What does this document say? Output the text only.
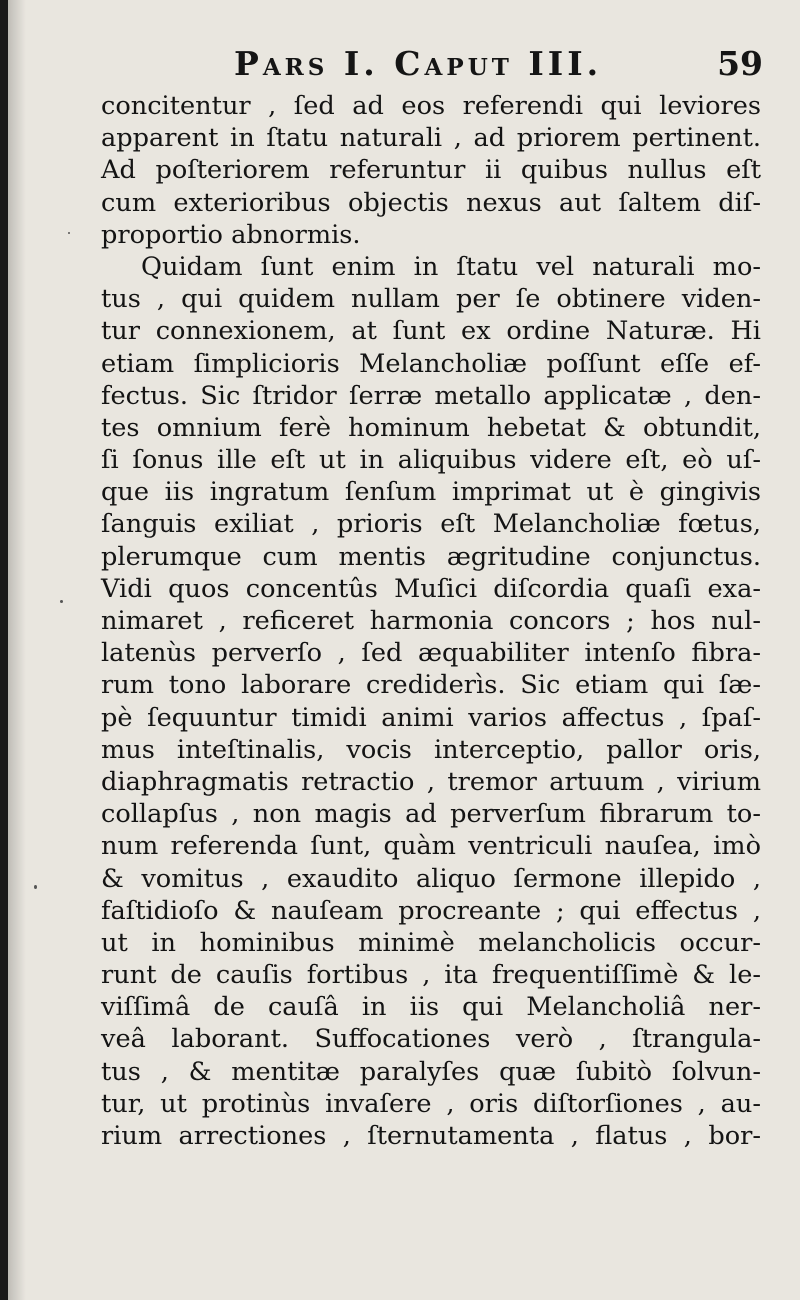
Pars I. Caput III.	59
concitentur , ſed ad eos referendi qui leviores
apparent in ſtatu naturali , ad priorem pertinent.
Ad poſteriorem referuntur ii quibus nullus eſt
cum exterioribus objectis nexus aut ſaltem diſ-
proportio abnormis.
Quidam ſunt enim in ſtatu vel naturali mo-
tus , qui quidem nullam per ſe obtinere viden-
tur connexionem, at ſunt ex ordine Naturæ. Hi
etiam ſimplicioris Melancholiæ poſſunt eſſe ef-
fectus. Sic ſtridor ſerræ metallo applicatæ , den-
tes omnium ferè hominum hebetat & obtundit,
ſi ſonus ille eſt ut in aliquibus videre eſt, eò uſ-
que iis ingratum ſenſum imprimat ut è gingivis
ſanguis exiliat , prioris eſt Melancholiæ fœtus,
plerumque cum mentis ægritudine conjunctus.
Vidi quos concentûs Muſici diſcordia quaſi exa-
nimaret , reficeret harmonia concors ; hos nul-
latenùs perverſo , ſed æquabiliter intenſo fibra-
rum tono laborare crediderìs. Sic etiam qui ſæ-
pè ſequuntur timidi animi varios affectus , ſpaſ-
mus inteſtinalis, vocis interceptio, pallor oris,
diaphragmatis retractio , tremor artuum , virium
collapſus , non magis ad perverſum fibrarum to-
num referenda ſunt, quàm ventriculi nauſea, imò
& vomitus , exaudito aliquo ſermone illepido ,
faſtidioſo & nauſeam procreante ; qui effectus ,
ut in hominibus minimè melancholicis occur-
runt de cauſis fortibus , ita frequentiſſimè & le-
viſſimâ de cauſâ in iis qui Melancholiâ ner-
veâ laborant. Suffocationes verò , ſtrangula-
tus , & mentitæ paralyſes quæ ſubitò ſolvun-
tur, ut protinùs invaſere , oris diſtorſiones , au-
rium arrectiones , ſternutamenta , flatus , bor-
